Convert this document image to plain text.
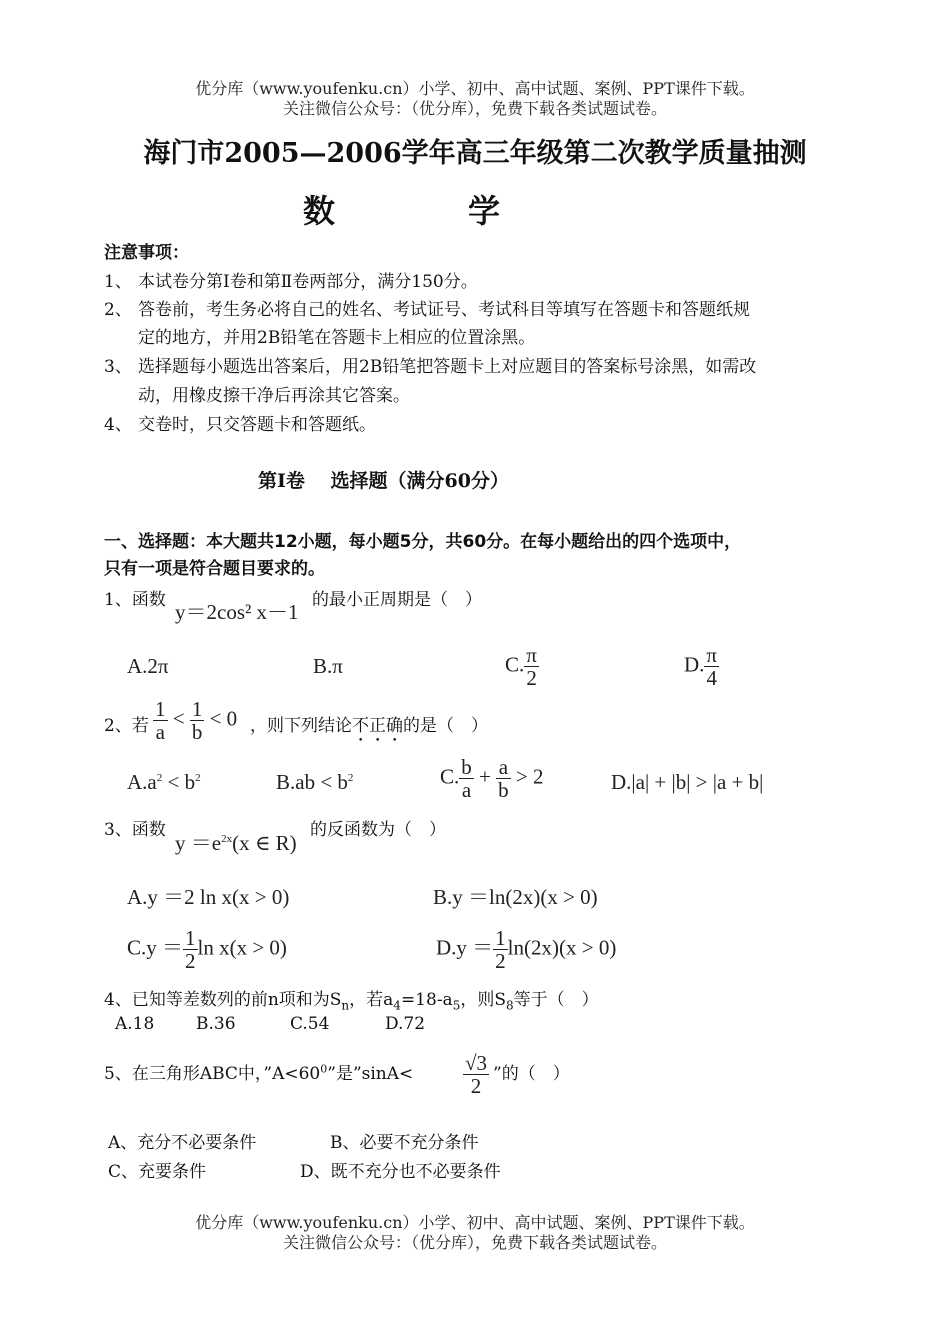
优分库（www.youfenku.cn）小学、初中、高中试题、案例、PPT课件下载。
关注微信公众号：（优分库），免费下载各类试题试卷。
海门市2005—2006学年高三年级第二次教学质量抽测
数	学
注意事项：
1、 本试卷分第Ⅰ卷和第Ⅱ卷两部分，满分150分。
2、 答卷前，考生务必将自己的姓名、考试证号、考试科目等填写在答题卡和答题纸规
定的地方，并用2B铅笔在答题卡上相应的位置涂黑。
3、 选择题每小题选出答案后，用2B铅笔把答题卡上对应题目的答案标号涂黑，如需改
动，用橡皮擦干净后再涂其它答案。
4、 交卷时，只交答题卡和答题纸。
第Ⅰ卷　 选择题（满分60分）
一、选择题：本大题共12小题，每小题5分，共60分。在每小题给出的四个选项中，
只有一项是符合题目要求的。
1、函数 y＝2cos² x－1 的最小正周期是（　）
A.2π	B.π	C. $\frac{\pi}{2}$	D. $\frac{\pi}{4}$
2、若 $\frac{1}{a} < \frac{1}{b} < 0$ ，则下列结论不正确的是（　）
$A.a^2 < b^2$	$B.ab < b^2$	C. $\frac{b}{a} + \frac{a}{b} > 2$	D.|a| + |b| > |a + b|
3、函数
$y =e^{2x}(x$ ∈ R)
的反函数为（　）
A.y ＝2 ln x(x > 0)	B.y ＝ln(2x)(x > 0)
$C.y = \frac{1}{2}$ ln x(x > 0)	$D.y = \frac{1}{2} \ln(2x)(x > 0)$
4、已知等差数列的前n项和为$S_n$，若$a_4=18-a_5$，则$S_8$等于（　）
A.18 B.36	C.54	D.72
5、在三角形ABC中，$”A<60^0$”是”sinA< $\frac{√3}{2}$ ”的（　）
A、充分不必要条件	B、必要不充分条件
C、充要条件	D、既不充分也不必要条件
优分库（www.youfenku.cn）小学、初中、高中试题、案例、PPT课件下载。
关注微信公众号：（优分库），免费下载各类试题试卷。
